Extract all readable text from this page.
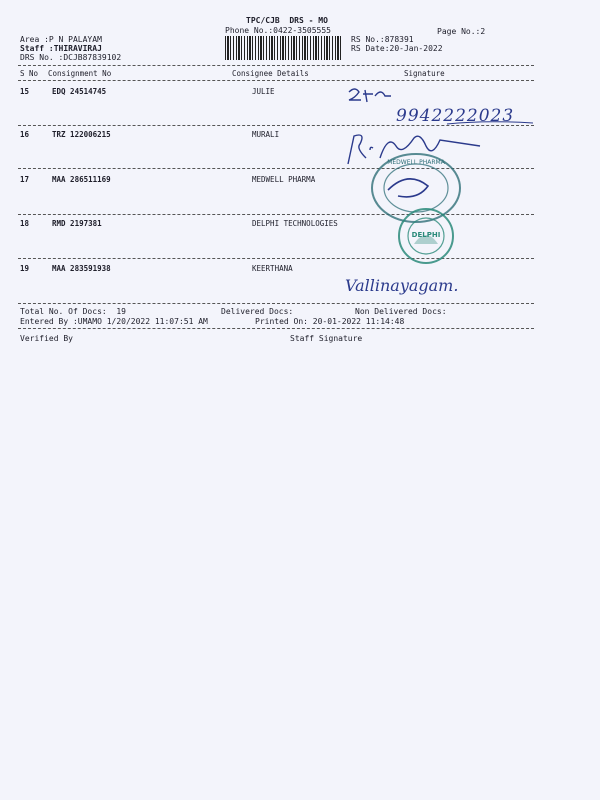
TPC/CJB  DRS - MO
Phone No.:0422-3505555	Page No.:2
Area :P N PALAYAM
Staff :THIRAVIRAJ
DRS No. :DCJB87839102
RS No.:878391
RS Date:20-Jan-2022
S No Consignment No	Consignee Details	Signature
15	EDQ 24514745	JULIE
16	TRZ 122006215	MURALI
17	MAA 286511169	MEDWELL PHARMA
18	RMD 2197381	DELPHI TECHNOLOGIES
19	MAA 283591938	KEERTHANA
Total No. Of Docs:  19	Delivered Docs:	Non Delivered Docs:
Entered By :UMAMO 1/20/2022 11:07:51 AM	Printed On: 20-01-2022 11:14:48
Verified By	Staff Signature
9942222023
MEDWELL PHARMA
DELPHI
Vallinayagam.
